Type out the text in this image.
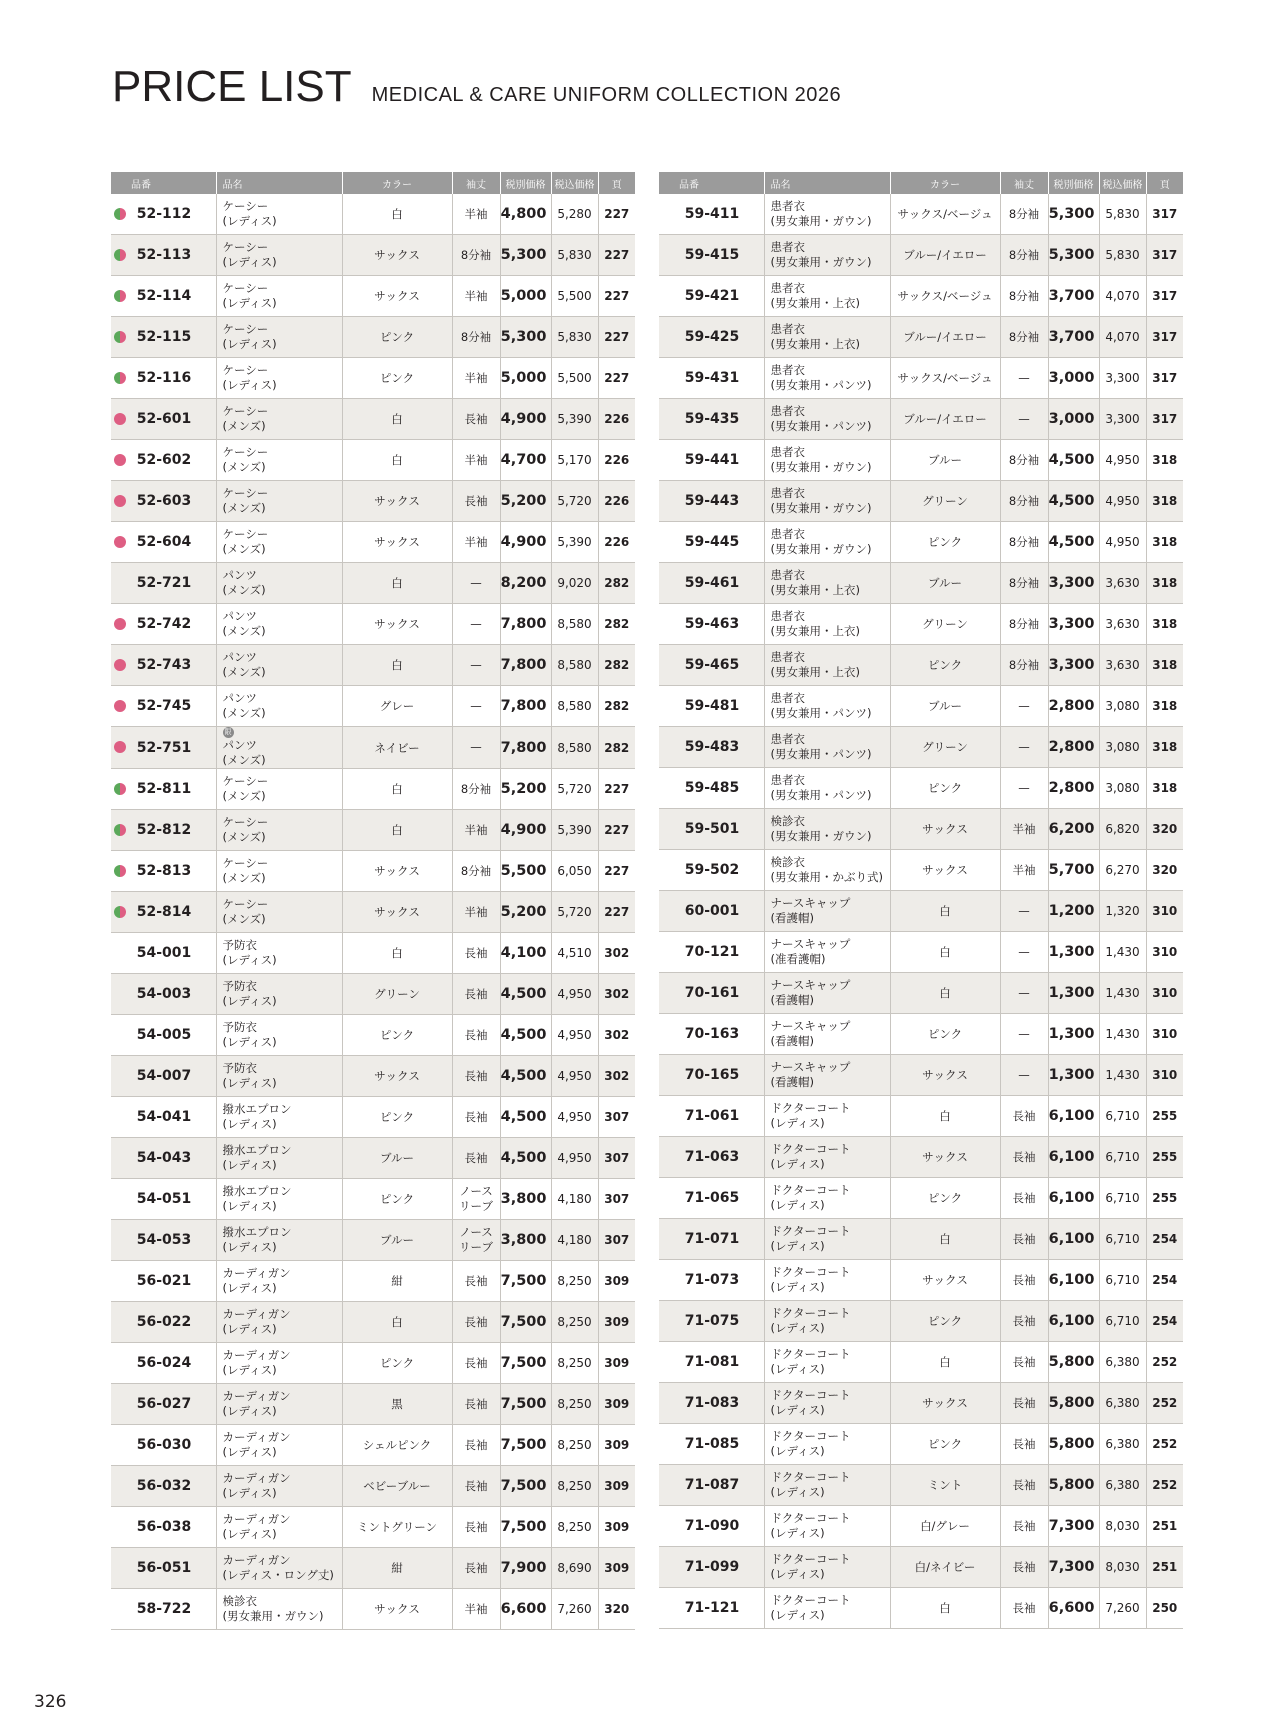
PRICE LIST MEDICAL & CARE UNIFORM COLLECTION 2026
品番	品名	カラー	袖丈	税別価格	税込価格	頁

52-112	ケーシー
(レディス)	白	半袖	4,800	5,280	227

52-113	ケーシー
(レディス)	サックス	8分袖	5,300	5,830	227

52-114	ケーシー
(レディス)	サックス	半袖	5,000	5,500	227

52-115	ケーシー
(レディス)	ピンク	8分袖	5,300	5,830	227

52-116	ケーシー
(レディス)	ピンク	半袖	5,000	5,500	227

52-601	ケーシー
(メンズ)	白	長袖	4,900	5,390	226

52-602	ケーシー
(メンズ)	白	半袖	4,700	5,170	226

52-603	ケーシー
(メンズ)	サックス	長袖	5,200	5,720	226

52-604	ケーシー
(メンズ)	サックス	半袖	4,900	5,390	226
52-721	パンツ
(メンズ)	白	—	8,200	9,020	282

52-742	パンツ
(メンズ)	サックス	—	7,800	8,580	282

52-743	パンツ
(メンズ)	白	—	7,800	8,580	282

52-745	パンツ
(メンズ)	グレー	—	7,800	8,580	282

52-751	限
パンツ
(メンズ)	ネイビー	—	7,800	8,580	282

52-811	ケーシー
(メンズ)	白	8分袖	5,200	5,720	227

52-812	ケーシー
(メンズ)	白	半袖	4,900	5,390	227

52-813	ケーシー
(メンズ)	サックス	8分袖	5,500	6,050	227

52-814	ケーシー
(メンズ)	サックス	半袖	5,200	5,720	227
54-001	予防衣
(レディス)	白	長袖	4,100	4,510	302
54-003	予防衣
(レディス)	グリーン	長袖	4,500	4,950	302
54-005	予防衣
(レディス)	ピンク	長袖	4,500	4,950	302
54-007	予防衣
(レディス)	サックス	長袖	4,500	4,950	302
54-041	撥水エプロン
(レディス)	ピンク	長袖	4,500	4,950	307
54-043	撥水エプロン
(レディス)	ブルー	長袖	4,500	4,950	307
54-051	撥水エプロン
(レディス)	ピンク	ノース
リーブ	3,800	4,180	307
54-053	撥水エプロン
(レディス)	ブルー	ノース
リーブ	3,800	4,180	307
56-021	カーディガン
(レディス)	紺	長袖	7,500	8,250	309
56-022	カーディガン
(レディス)	白	長袖	7,500	8,250	309
56-024	カーディガン
(レディス)	ピンク	長袖	7,500	8,250	309
56-027	カーディガン
(レディス)	黒	長袖	7,500	8,250	309
56-030	カーディガン
(レディス)	シェルピンク	長袖	7,500	8,250	309
56-032	カーディガン
(レディス)	ベビーブルー	長袖	7,500	8,250	309
56-038	カーディガン
(レディス)	ミントグリーン	長袖	7,500	8,250	309
56-051	カーディガン
(レディス・ロング丈)	紺	長袖	7,900	8,690	309
58-722	検診衣
(男女兼用・ガウン)	サックス	半袖	6,600	7,260	320
品番	品名	カラー	袖丈	税別価格	税込価格	頁
59-411	患者衣
(男女兼用・ガウン)	サックス/ベージュ	8分袖	5,300	5,830	317
59-415	患者衣
(男女兼用・ガウン)	ブルー/イエロー	8分袖	5,300	5,830	317
59-421	患者衣
(男女兼用・上衣)	サックス/ベージュ	8分袖	3,700	4,070	317
59-425	患者衣
(男女兼用・上衣)	ブルー/イエロー	8分袖	3,700	4,070	317
59-431	患者衣
(男女兼用・パンツ)	サックス/ベージュ	—	3,000	3,300	317
59-435	患者衣
(男女兼用・パンツ)	ブルー/イエロー	—	3,000	3,300	317
59-441	患者衣
(男女兼用・ガウン)	ブルー	8分袖	4,500	4,950	318
59-443	患者衣
(男女兼用・ガウン)	グリーン	8分袖	4,500	4,950	318
59-445	患者衣
(男女兼用・ガウン)	ピンク	8分袖	4,500	4,950	318
59-461	患者衣
(男女兼用・上衣)	ブルー	8分袖	3,300	3,630	318
59-463	患者衣
(男女兼用・上衣)	グリーン	8分袖	3,300	3,630	318
59-465	患者衣
(男女兼用・上衣)	ピンク	8分袖	3,300	3,630	318
59-481	患者衣
(男女兼用・パンツ)	ブルー	—	2,800	3,080	318
59-483	患者衣
(男女兼用・パンツ)	グリーン	—	2,800	3,080	318
59-485	患者衣
(男女兼用・パンツ)	ピンク	—	2,800	3,080	318
59-501	検診衣
(男女兼用・ガウン)	サックス	半袖	6,200	6,820	320
59-502	検診衣
(男女兼用・かぶり式)	サックス	半袖	5,700	6,270	320
60-001	ナースキャップ
(看護帽)	白	—	1,200	1,320	310
70-121	ナースキャップ
(准看護帽)	白	—	1,300	1,430	310
70-161	ナースキャップ
(看護帽)	白	—	1,300	1,430	310
70-163	ナースキャップ
(看護帽)	ピンク	—	1,300	1,430	310
70-165	ナースキャップ
(看護帽)	サックス	—	1,300	1,430	310
71-061	ドクターコート
(レディス)	白	長袖	6,100	6,710	255
71-063	ドクターコート
(レディス)	サックス	長袖	6,100	6,710	255
71-065	ドクターコート
(レディス)	ピンク	長袖	6,100	6,710	255
71-071	ドクターコート
(レディス)	白	長袖	6,100	6,710	254
71-073	ドクターコート
(レディス)	サックス	長袖	6,100	6,710	254
71-075	ドクターコート
(レディス)	ピンク	長袖	6,100	6,710	254
71-081	ドクターコート
(レディス)	白	長袖	5,800	6,380	252
71-083	ドクターコート
(レディス)	サックス	長袖	5,800	6,380	252
71-085	ドクターコート
(レディス)	ピンク	長袖	5,800	6,380	252
71-087	ドクターコート
(レディス)	ミント	長袖	5,800	6,380	252
71-090	ドクターコート
(レディス)	白/グレー	長袖	7,300	8,030	251
71-099	ドクターコート
(レディス)	白/ネイビー	長袖	7,300	8,030	251
71-121	ドクターコート
(レディス)	白	長袖	6,600	7,260	250
326
